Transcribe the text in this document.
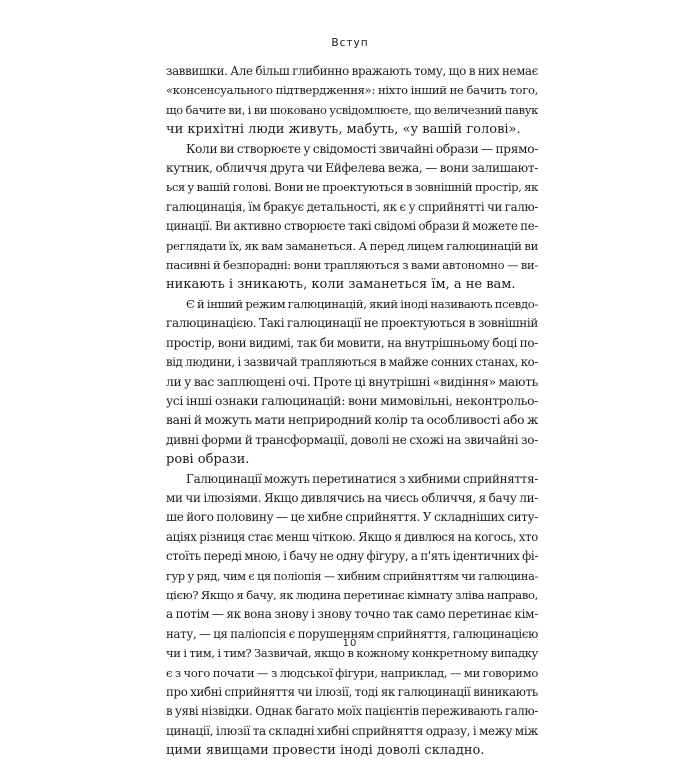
Вступ
заввишки. Але більш глибинно вражають тому, що в них немає
«консенсуального підтвердження»: ніхто інший не бачить того,
що бачите ви, і ви шоковано усвідомлюєте, що величезний павук
чи крихітні люди живуть, мабуть, «у вашій голові».
Коли ви створюєте у свідомості звичайні образи — прямо-
кутник, обличчя друга чи Ейфелева вежа, — вони залишают-
ься у вашій голові. Вони не проектуються в зовнішній простір, як
галюцинація, їм бракує детальності, як є у сприйнятті чи галю-
цинації. Ви активно створюєте такі свідомі образи й можете пе-
реглядати їх, як вам заманеться. А перед лицем галюцинацій ви
пасивні й безпорадні: вони трапляються з вами автономно — ви-
никають і зникають, коли заманеться їм, а не вам.
Є й інший режим галюцинацій, який іноді називають псевдо-
галюцинацією. Такі галюцинації не проектуються в зовнішній
простір, вони видимі, так би мовити, на внутрішньому боці по-
від людини, і зазвичай трапляються в майже сонних станах, ко-
ли у вас заплющені очі. Проте ці внутрішні «видіння» мають
усі інші ознаки галюцинацій: вони мимовільні, неконтрольо-
вані й можуть мати неприродний колір та особливості або ж
дивні форми й трансформації, доволі не схожі на звичайні зо-
рові образи.
Галюцинації можуть перетинатися з хибними сприйняття-
ми чи ілюзіями. Якщо дивлячись на чиєсь обличчя, я бачу ли-
ше його половину — це хибне сприйняття. У складніших ситу-
аціях різниця стає менш чіткою. Якщо я дивлюся на когось, хто
стоїть переді мною, і бачу не одну фігуру, а п'ять ідентичних фі-
гур у ряд, чим є ця поліопія — хибним сприйняттям чи галюцина-
цією? Якщо я бачу, як людина перетинає кімнату зліва направо,
а потім — як вона знову і знову точно так само перетинає кім-
нату, — ця паліопсія є порушенням сприйняття, галюцинацією
чи і тим, і тим? Зазвичай, якщо в кожному конкретному випадку
є з чого почати — з людської фігури, наприклад, — ми говоримо
про хибні сприйняття чи ілюзії, тоді як галюцинації виникають
в уяві нізвідки. Однак багато моїх пацієнтів переживають галю-
цинації, ілюзії та складні хибні сприйняття одразу, і межу між
цими явищами провести іноді доволі складно.
10
